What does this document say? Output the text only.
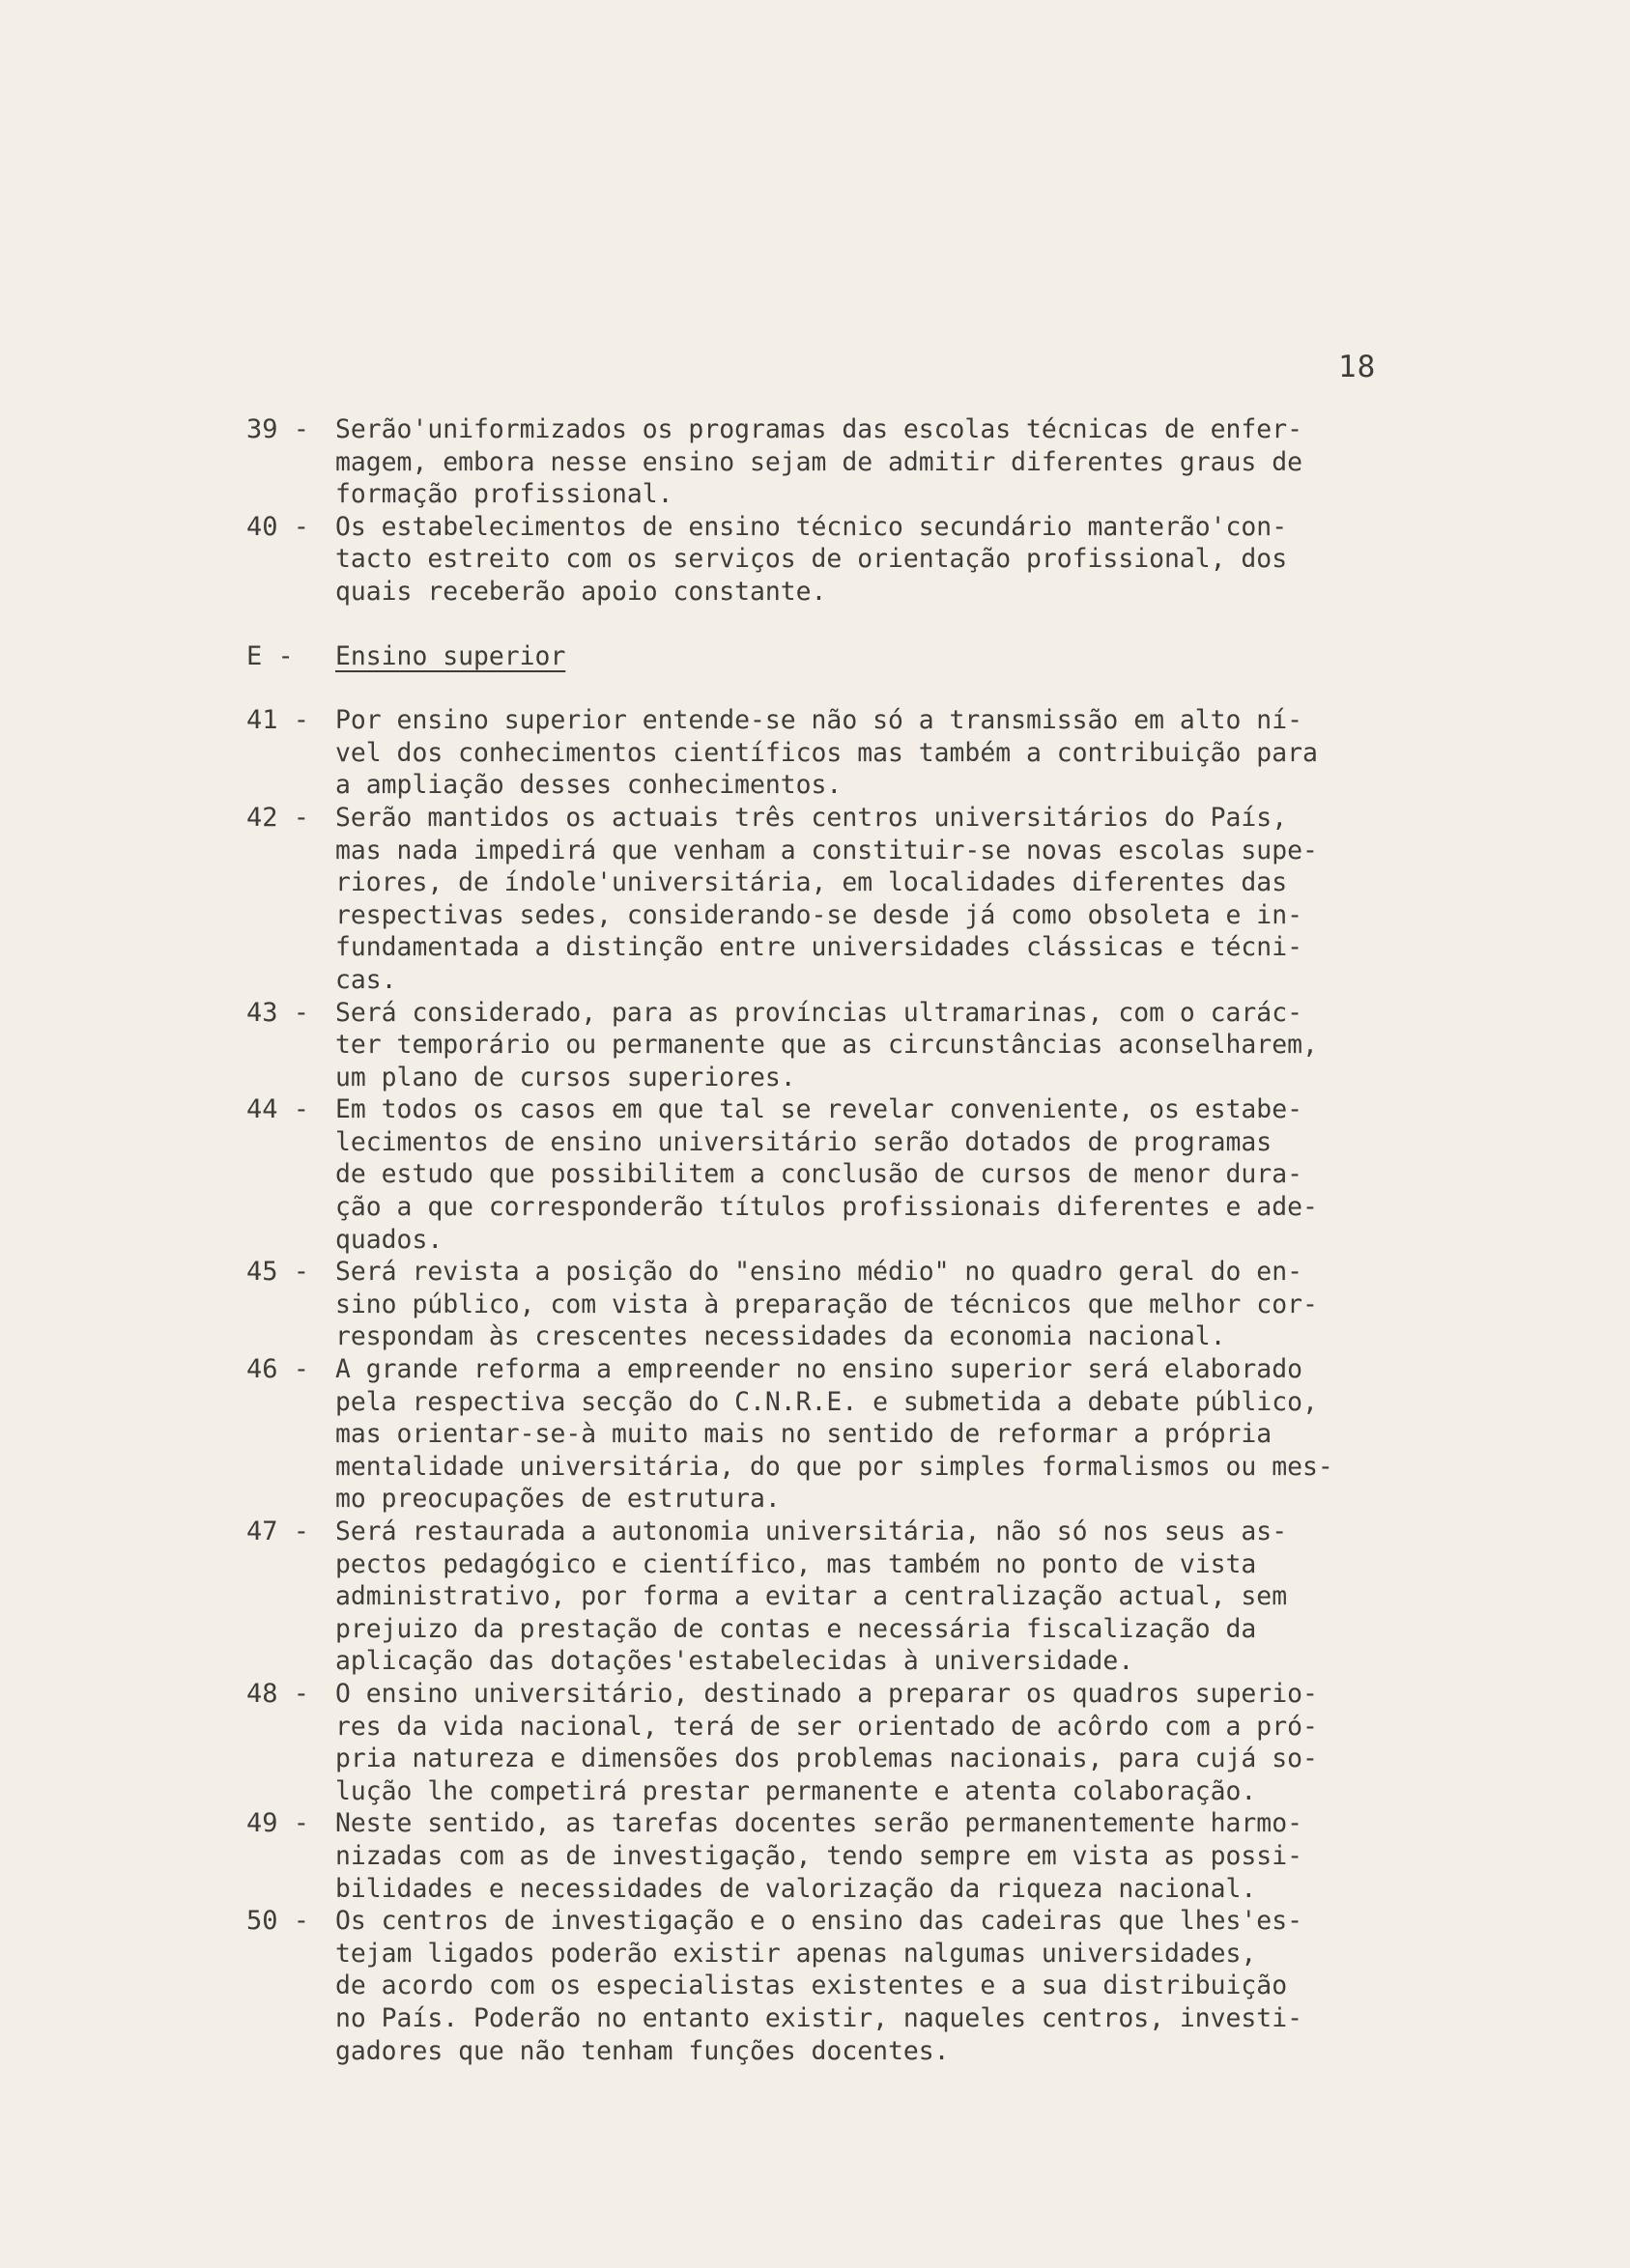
18
39 -	Serão'uniformizados os programas das escolas técnicas de enfer-
magem, embora nesse ensino sejam de admitir diferentes graus de
formação profissional.
40 -	Os estabelecimentos de ensino técnico secundário manterão'con-
tacto estreito com os serviços de orientação profissional, dos
quais receberão apoio constante.
E -	Ensino superior
41 -	Por ensino superior entende-se não só a transmissão em alto ní-
vel dos conhecimentos científicos mas também a contribuição para
a ampliação desses conhecimentos.
42 -	Serão mantidos os actuais três centros universitários do País,
mas nada impedirá que venham a constituir-se novas escolas supe-
riores, de índole'universitária, em localidades diferentes das
respectivas sedes, considerando-se desde já como obsoleta e in-
fundamentada a distinção entre universidades clássicas e técni-
cas.
43 -	Será considerado, para as províncias ultramarinas, com o carác-
ter temporário ou permanente que as circunstâncias aconselharem,
um plano de cursos superiores.
44 -	Em todos os casos em que tal se revelar conveniente, os estabe-
lecimentos de ensino universitário serão dotados de programas
de estudo que possibilitem a conclusão de cursos de menor dura-
ção a que corresponderão títulos profissionais diferentes e ade-
quados.
45 -	Será revista a posição do "ensino médio" no quadro geral do en-
sino público, com vista à preparação de técnicos que melhor cor-
respondam às crescentes necessidades da economia nacional.
46 -	A grande reforma a empreender no ensino superior será elaborado
pela respectiva secção do C.N.R.E. e submetida a debate público,
mas orientar-se-à muito mais no sentido de reformar a própria
mentalidade universitária, do que por simples formalismos ou mes-
mo preocupações de estrutura.
47 -	Será restaurada a autonomia universitária, não só nos seus as-
pectos pedagógico e científico, mas também no ponto de vista
administrativo, por forma a evitar a centralização actual, sem
prejuizo da prestação de contas e necessária fiscalização da
aplicação das dotações'estabelecidas à universidade.
48 -	O ensino universitário, destinado a preparar os quadros superio-
res da vida nacional, terá de ser orientado de acôrdo com a pró-
pria natureza e dimensões dos problemas nacionais, para cujá so-
lução lhe competirá prestar permanente e atenta colaboração.
49 -	Neste sentido, as tarefas docentes serão permanentemente harmo-
nizadas com as de investigação, tendo sempre em vista as possi-
bilidades e necessidades de valorização da riqueza nacional.
50 -	Os centros de investigação e o ensino das cadeiras que lhes'es-
tejam ligados poderão existir apenas nalgumas universidades,
de acordo com os especialistas existentes e a sua distribuição
no País. Poderão no entanto existir, naqueles centros, investi-
gadores que não tenham funções docentes.
